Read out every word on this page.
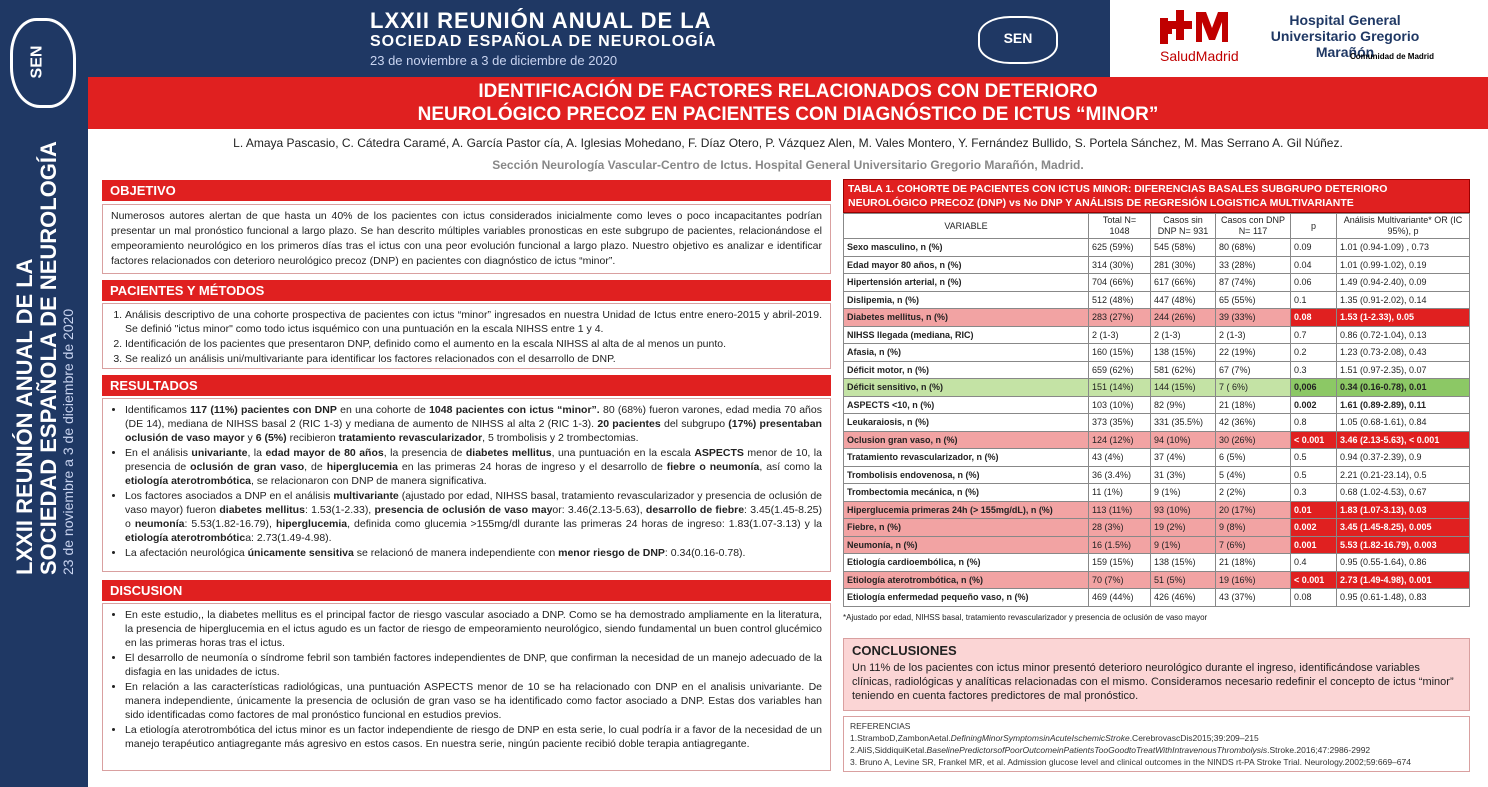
SEN
LXXII REUNIÓN ANUAL DE LA SOCIEDAD ESPAÑOLA DE NEUROLOGÍA 23 de noviembre a 3 de diciembre de 2020
LXXII REUNIÓN ANUAL DE LA
SOCIEDAD ESPAÑOLA DE NEUROLOGÍA
23 de noviembre a 3 de diciembre de 2020
SEN
SaludMadrid
Hospital General Universitario Gregorio Marañón
Comunidad de Madrid
IDENTIFICACIÓN DE FACTORES RELACIONADOS CON DETERIORO
NEUROLÓGICO PRECOZ EN PACIENTES CON DIAGNÓSTICO DE ICTUS “MINOR”
L. Amaya Pascasio, C. Cátedra Caramé, A. García Pastor cía, A. Iglesias Mohedano, F. Díaz Otero, P. Vázquez Alen, M. Vales Montero, Y. Fernández Bullido, S. Portela Sánchez, M. Mas Serrano A. Gil Núñez.
Sección Neurología Vascular-Centro de Ictus. Hospital General Universitario Gregorio Marañón, Madrid.
OBJETIVO
Numerosos autores alertan de que hasta un 40% de los pacientes con ictus considerados inicialmente como leves o poco incapacitantes podrían presentar un mal pronóstico funcional a largo plazo. Se han descrito múltiples variables pronosticas en este subgrupo de pacientes, relacionándose el empeoramiento neurológico en los primeros días tras el ictus con una peor evolución funcional a largo plazo. Nuestro objetivo es analizar e identificar factores relacionados con deterioro neurológico precoz (DNP) en pacientes con diagnóstico de ictus “minor”.
PACIENTES Y MÉTODOS
1. Análisis descriptivo de una cohorte prospectiva de pacientes con ictus “minor” ingresados en nuestra Unidad de Ictus entre enero-2015 y abril-2019. Se definió "ictus minor" como todo ictus isquémico con una puntuación en la escala NIHSS entre 1 y 4.
2. Identificación de los pacientes que presentaron DNP, definido como el aumento en la escala NIHSS al alta de al menos un punto.
3. Se realizó un análisis uni/multivariante para identificar los factores relacionados con el desarrollo de DNP.
RESULTADOS
• Identificamos 117 (11%) pacientes con DNP en una cohorte de 1048 pacientes con ictus “minor”. 80 (68%) fueron varones, edad media 70 años (DE 14), mediana de NIHSS basal 2 (RIC 1-3) y mediana de aumento de NIHSS al alta 2 (RIC 1-3). 20 pacientes del subgrupo (17%) presentaban oclusión de vaso mayor y 6 (5%) recibieron tratamiento revascularizador, 5 trombolisis y 2 trombectomias.
• En el análisis univariante, la edad mayor de 80 años, la presencia de diabetes mellitus, una puntuación en la escala ASPECTS menor de 10, la presencia de oclusión de gran vaso, de hiperglucemia en las primeras 24 horas de ingreso y el desarrollo de fiebre o neumonía, así como la etiología aterotrombótica, se relacionaron con DNP de manera significativa.
• Los factores asociados a DNP en el análisis multivariante (ajustado por edad, NIHSS basal, tratamiento revascularizador y presencia de oclusión de vaso mayor) fueron diabetes mellitus: 1.53(1-2.33), presencia de oclusión de vaso mayor: 3.46(2.13-5.63), desarrollo de fiebre: 3.45(1.45-8.25) o neumonía: 5.53(1.82-16.79), hiperglucemia, definida como glucemia >155mg/dl durante las primeras 24 horas de ingreso: 1.83(1.07-3.13) y la etiología aterotrombótica: 2.73(1.49-4.98).
• La afectación neurológica únicamente sensitiva se relacionó de manera independiente con menor riesgo de DNP: 0.34(0.16-0.78).
DISCUSION
• En este estudio,, la diabetes mellitus es el principal factor de riesgo vascular asociado a DNP. Como se ha demostrado ampliamente en la literatura, la presencia de hiperglucemia en el ictus agudo es un factor de riesgo de empeoramiento neurológico, siendo fundamental un buen control glucémico en las primeras horas tras el ictus.
• El desarrollo de neumonía o síndrome febril son también factores independientes de DNP, que confirman la necesidad de un manejo adecuado de la disfagia en las unidades de ictus.
• En relación a las características radiológicas, una puntuación ASPECTS menor de 10 se ha relacionado con DNP en el analisis univariante. De manera independiente, únicamente la presencia de oclusión de gran vaso se ha identificado como factor asociado a DNP. Estas dos variables han sido identificadas como factores de mal pronóstico funcional en estudios previos.
• La etiología aterotrombótica del ictus minor es un factor independiente de riesgo de DNP en esta serie, lo cual podría ir a favor de la necesidad de un manejo terapéutico antiagregante más agresivo en estos casos. En nuestra serie, ningún paciente recibió doble terapia antiagregante.
TABLA 1. COHORTE DE PACIENTES CON ICTUS MINOR: DIFERENCIAS BASALES SUBGRUPO DETERIORO NEUROLÓGICO PRECOZ (DNP) vs No DNP Y ANÁLISIS DE REGRESIÓN LOGISTICA MULTIVARIANTE
VARIABLE	Total N= 1048	Casos sin DNP N= 931	Casos con DNP N= 117	p	Análisis Multivariante* OR (IC 95%), p
Sexo masculino, n (%)	625 (59%)	545 (58%)	80 (68%)	0.09	1.01 (0.94-1.09) , 0.73
Edad mayor 80 años, n (%)	314 (30%)	281 (30%)	33 (28%)	0.04	1.01 (0.99-1.02), 0.19
Hipertensión arterial, n (%)	704 (66%)	617 (66%)	87 (74%)	0.06	1.49 (0.94-2.40), 0.09
Dislipemia, n (%)	512 (48%)	447 (48%)	65 (55%)	0.1	1.35 (0.91-2.02), 0.14
Diabetes mellitus, n (%)	283 (27%)	244 (26%)	39 (33%)	0.08	1.53 (1-2.33), 0.05
NIHSS llegada (mediana, RIC)	2 (1-3)	2 (1-3)	2 (1-3)	0.7	0.86 (0.72-1.04), 0.13
Afasia, n (%)	160 (15%)	138 (15%)	22 (19%)	0.2	1.23 (0.73-2.08), 0.43
Déficit motor, n (%)	659 (62%)	581 (62%)	67 (7%)	0.3	1.51 (0.97-2.35), 0.07
Déficit sensitivo, n (%)	151 (14%)	144 (15%)	7 ( 6%)	0,006	0.34 (0.16-0.78), 0.01
ASPECTS <10, n (%)	103 (10%)	82 (9%)	21 (18%)	0.002	1.61 (0.89-2.89), 0.11
Leukaraiosis, n (%)	373 (35%)	331 (35.5%)	42 (36%)	0.8	1.05 (0.68-1.61), 0.84
Oclusion gran vaso, n (%)	124 (12%)	94 (10%)	30 (26%)	< 0.001	3.46 (2.13-5.63), < 0.001
Tratamiento revascularizador, n (%)	43 (4%)	37 (4%)	6 (5%)	0.5	0.94 (0.37-2.39), 0.9
Trombolisis endovenosa, n (%)	36 (3.4%)	31 (3%)	5 (4%)	0.5	2.21 (0.21-23.14), 0.5
Trombectomia mecánica, n (%)	11 (1%)	9 (1%)	2 (2%)	0.3	0.68 (1.02-4.53), 0.67
Hiperglucemia primeras 24h (> 155mg/dL), n (%)	113 (11%)	93 (10%)	20 (17%)	0.01	1.83 (1.07-3.13), 0.03
Fiebre, n (%)	28 (3%)	19 (2%)	9 (8%)	0.002	3.45 (1.45-8.25), 0.005
Neumonía, n (%)	16 (1.5%)	9 (1%)	7 (6%)	0.001	5.53 (1.82-16.79), 0.003
Etiología cardioembólica, n (%)	159 (15%)	138 (15%)	21 (18%)	0.4	0.95 (0.55-1.64), 0.86
Etiología aterotrombótica, n (%)	70 (7%)	51 (5%)	19 (16%)	< 0.001	2.73 (1.49-4.98), 0.001
Etiología enfermedad pequeño vaso, n (%)	469 (44%)	426 (46%)	43 (37%)	0.08	0.95 (0.61-1.48), 0.83
*Ajustado por edad, NIHSS basal, tratamiento revascularizador y presencia de oclusión de vaso mayor
CONCLUSIONES
Un 11% de los pacientes con ictus minor presentó deterioro neurológico durante el ingreso, identificándose variables clínicas, radiológicas y analíticas relacionadas con el mismo. Consideramos necesario redefinir el concepto de ictus “minor” teniendo en cuenta factores predictores de mal pronóstico.
REFERENCIAS
1.StramboD,ZambonAetal.DefiningMinorSymptomsinAcuteIschemicStroke.CerebrovascDis2015;39:209–215
2.AliS,SiddiquiKetal.BaselinePredictorsofPoorOutcomeinPatientsTooGoodtoTreatWithIntravenousThrombolysis.Stroke.2016;47:2986-2992
3. Bruno A, Levine SR, Frankel MR, et al. Admission glucose level and clinical outcomes in the NINDS rt-PA Stroke Trial. Neurology.2002;59:669–674
